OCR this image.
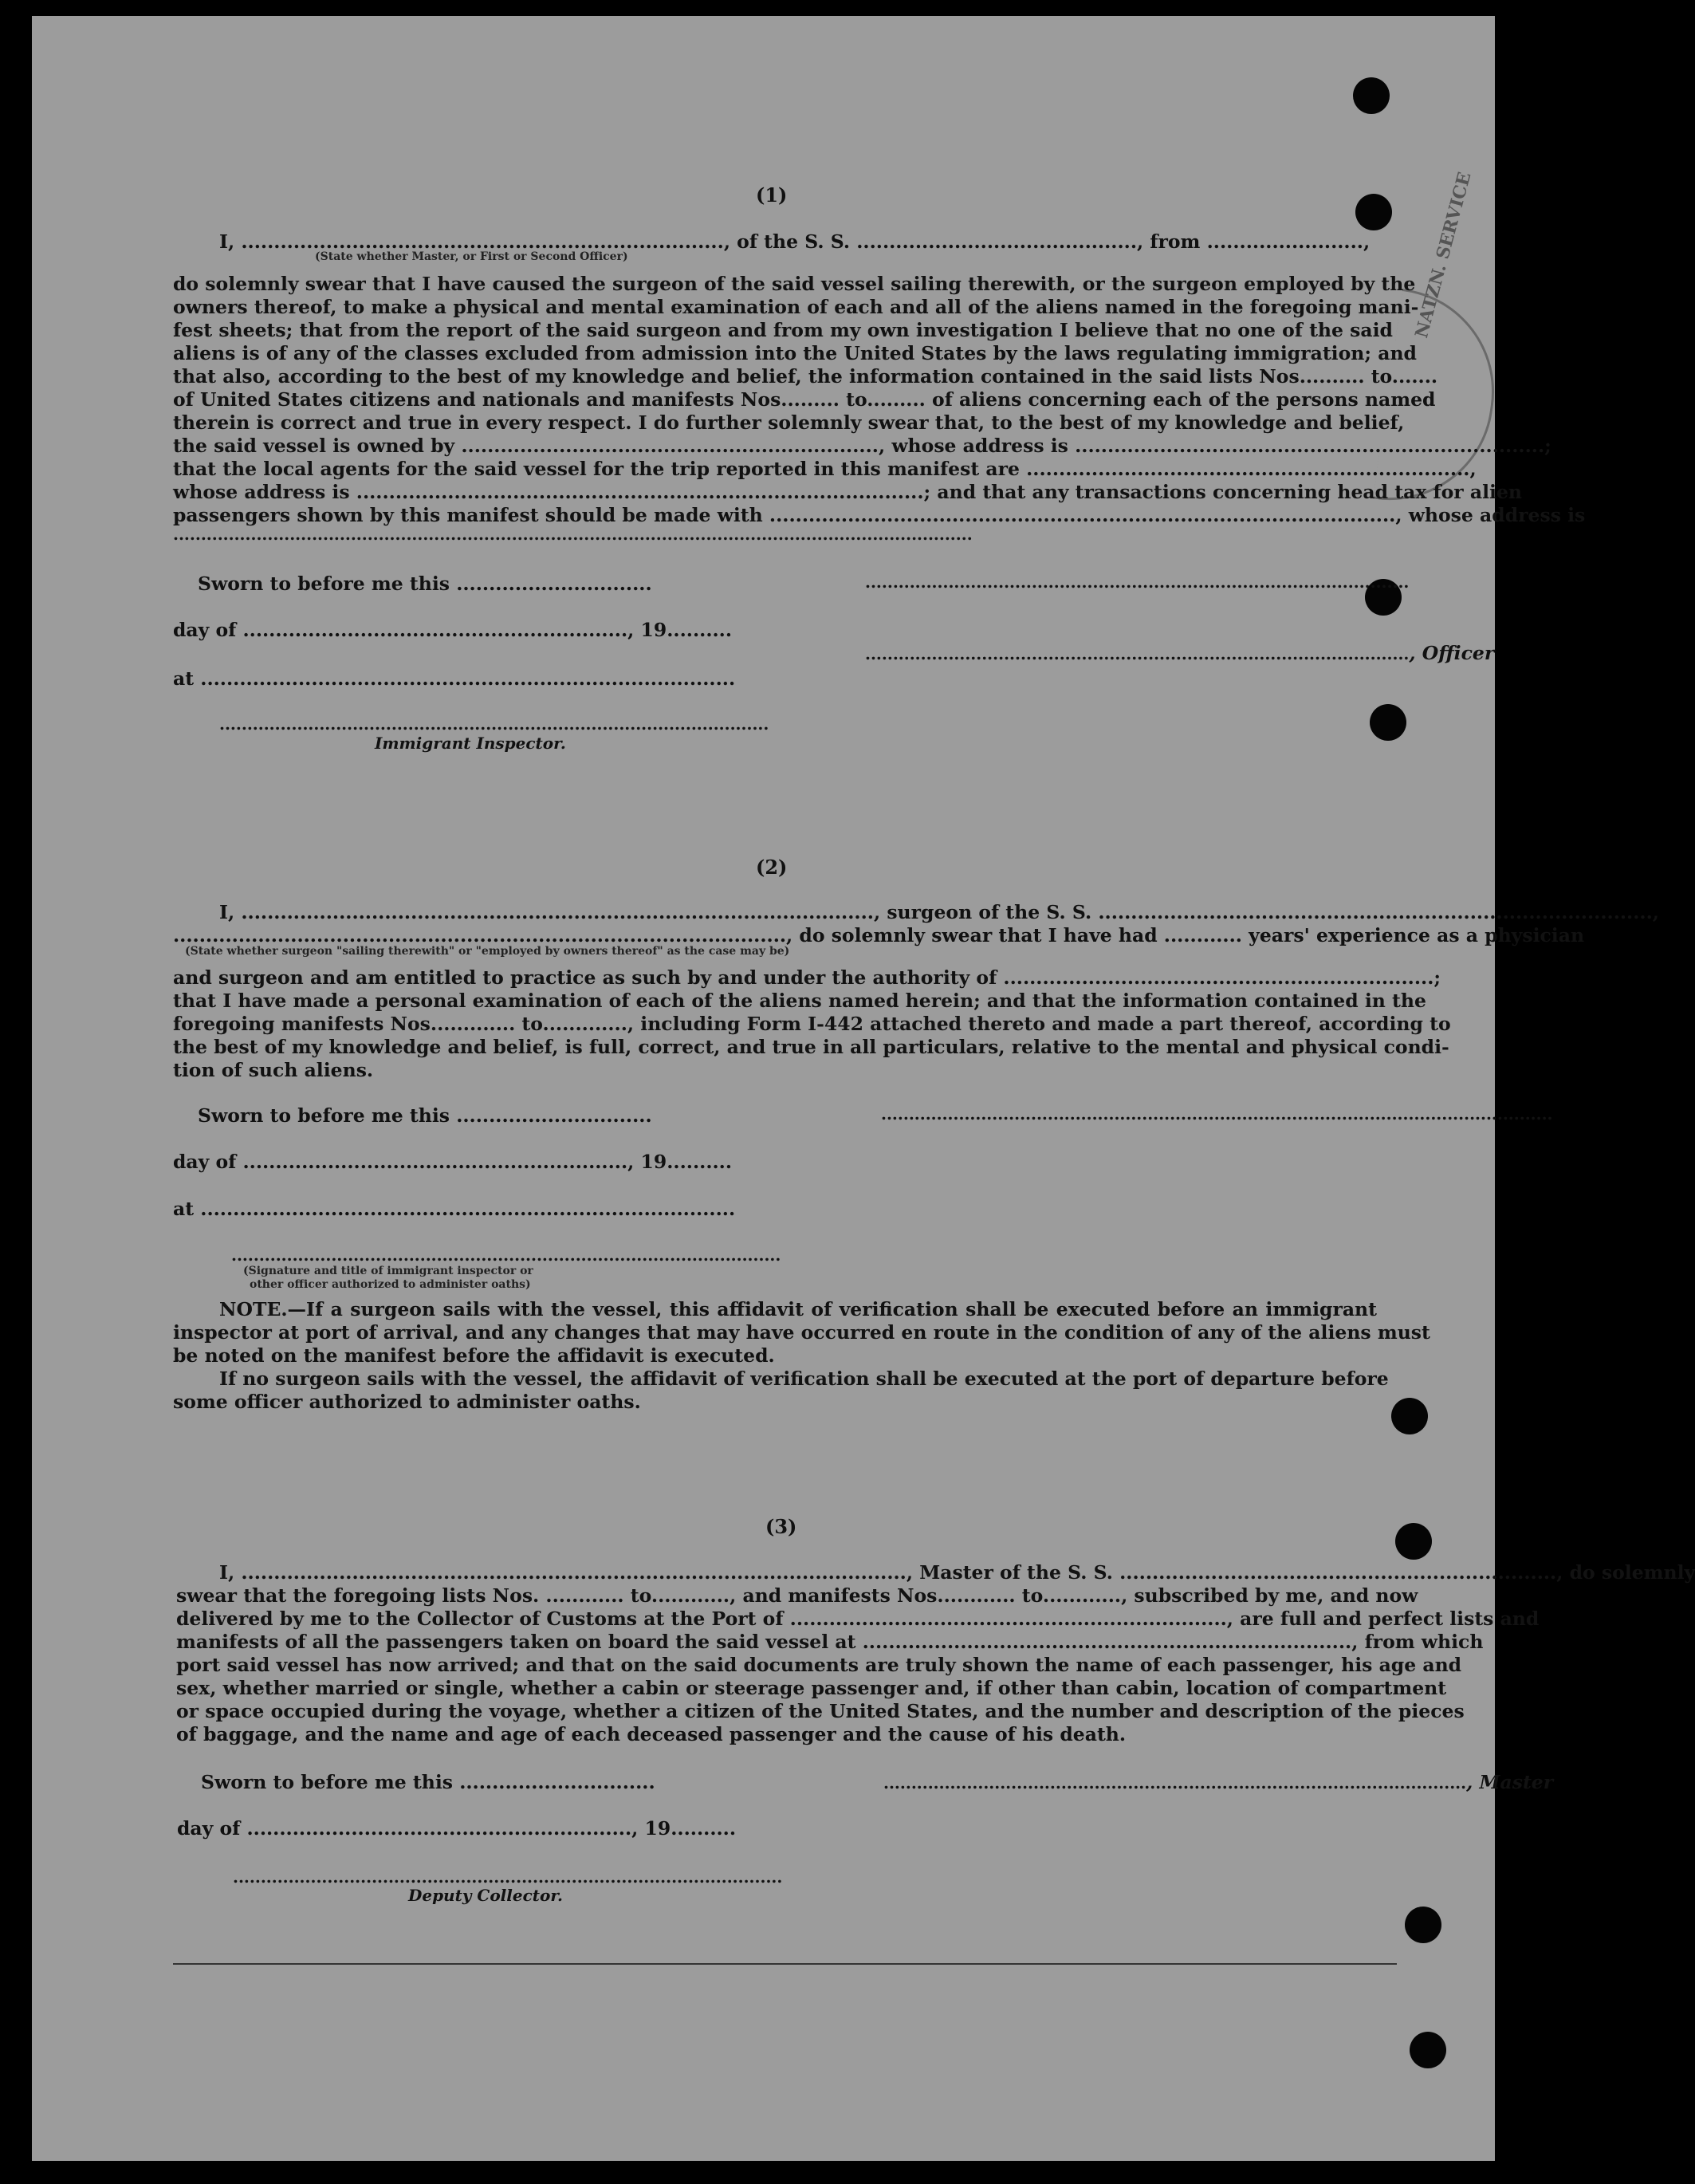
NATZN. SERVICE
(1)
I, .........................................................................., of the S. S. ..........................................., from ........................,
(State whether Master, or First or Second Officer)
do solemnly swear that I have caused the surgeon of the said vessel sailing therewith, or the surgeon employed by the
owners thereof, to make a physical and mental examination of each and all of the aliens named in the foregoing mani-
fest sheets; that from the report of the said surgeon and from my own investigation I believe that no one of the said
aliens is of any of the classes excluded from admission into the United States by the laws regulating immigration; and
that also, according to the best of my knowledge and belief, the information contained in the said lists Nos.......... to.......
of United States citizens and nationals and manifests Nos......... to......... of aliens concerning each of the persons named
therein is correct and true in every respect. I do further solemnly swear that, to the best of my knowledge and belief,
the said vessel is owned by ................................................................, whose address is ........................................................................;
that the local agents for the said vessel for the trip reported in this manifest are ....................................................................,
whose address is .......................................................................................; and that any transactions concerning head tax for alien
passengers shown by this manifest should be made with ................................................................................................, whose address is
................................................................................................................................................
Sworn to before me this ..............................	..................................................................................................
day of ..........................................................., 19..........
.................................................................................................., Officer
at ..................................................................................
...................................................................................................
Immigrant Inspector.
(2)
I, ................................................................................................., surgeon of the S. S. .....................................................................................,
.............................................................................................., do solemnly swear that I have had ............ years' experience as a physician
(State whether surgeon "sailing therewith" or "employed by owners thereof" as the case may be)
and surgeon and am entitled to practice as such by and under the authority of ..................................................................;
that I have made a personal examination of each of the aliens named herein; and that the information contained in the
foregoing manifests Nos............. to............., including Form I-442 attached thereto and made a part thereof, according to
the best of my knowledge and belief, is full, correct, and true in all particulars, relative to the mental and physical condi-
tion of such aliens.
Sworn to before me this ..............................	.........................................................................................................................
day of ..........................................................., 19..........
at ..................................................................................
...................................................................................................
(Signature and title of immigrant inspector or
other officer authorized to administer oaths)
NOTE.—If a surgeon sails with the vessel, this affidavit of verification shall be executed before an immigrant
inspector at port of arrival, and any changes that may have occurred en route in the condition of any of the aliens must
be noted on the manifest before the affidavit is executed.
If no surgeon sails with the vessel, the affidavit of verification shall be executed at the port of departure before
some officer authorized to administer oaths.
(3)
I, ......................................................................................................, Master of the S. S. ..................................................................., do solemnly
swear that the foregoing lists Nos. ............ to............, and manifests Nos............ to............, subscribed by me, and now
delivered by me to the Collector of Customs at the Port of ..................................................................., are full and perfect lists and
manifests of all the passengers taken on board the said vessel at ..........................................................................., from which
port said vessel has now arrived; and that on the said documents are truly shown the name of each passenger, his age and
sex, whether married or single, whether a cabin or steerage passenger and, if other than cabin, location of compartment
or space occupied during the voyage, whether a citizen of the United States, and the number and description of the pieces
of baggage, and the name and age of each deceased passenger and the cause of his death.
Sworn to before me this ..............................	........................................................................................................., Master
day of ..........................................................., 19..........
...................................................................................................
Deputy Collector.
